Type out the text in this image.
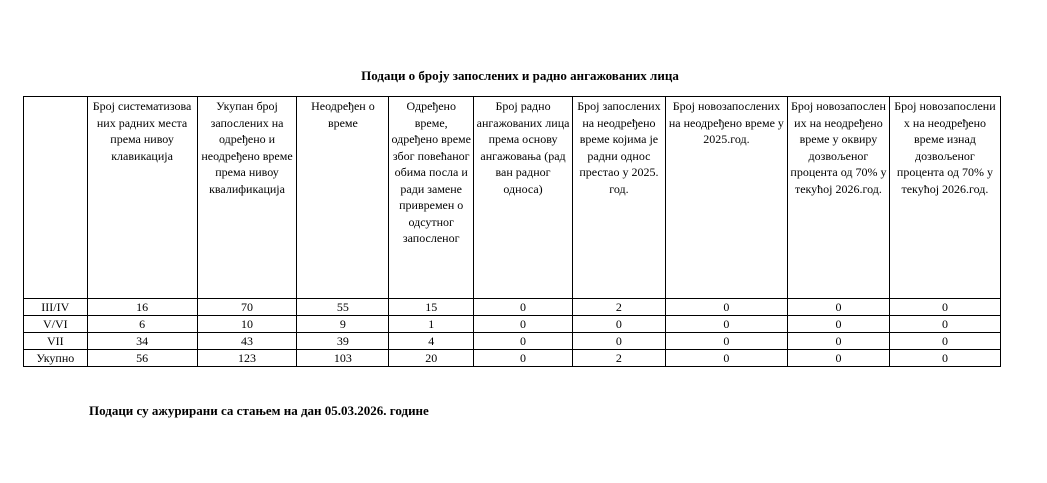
Подаци о броју запослених и радно ангажованих лица
	Број систематизова них радних места према нивоу клавикација	Укупан број запослених на одређено и неодређено време према нивоу квалификација	Неодређен о време	Одређено време, одређено време због повећаног обима посла и ради замене привремен о одсутног запосленог	Број радно ангажованих лица према основу ангажовања (рад ван радног односа)	Број запослених на неодређено време којима је радни однос престао у 2025. год.	Број новозапослених на неодређено време у 2025.год.	Број новозапослен их на неодређено време у оквиру дозвољеног процента од 70% у текућој 2026.год.	Број новозапослени х на неодређено време изнад дозвољеног процента од 70% у текућој 2026.год.
III/IV	16	70	55	15	0	2	0	0	0
V/VI	6	10	9	1	0	0	0	0	0
VII	34	43	39	4	0	0	0	0	0
Укупно	56	123	103	20	0	2	0	0	0
Подаци су ажурирани са стањем на дан 05.03.2026. године
